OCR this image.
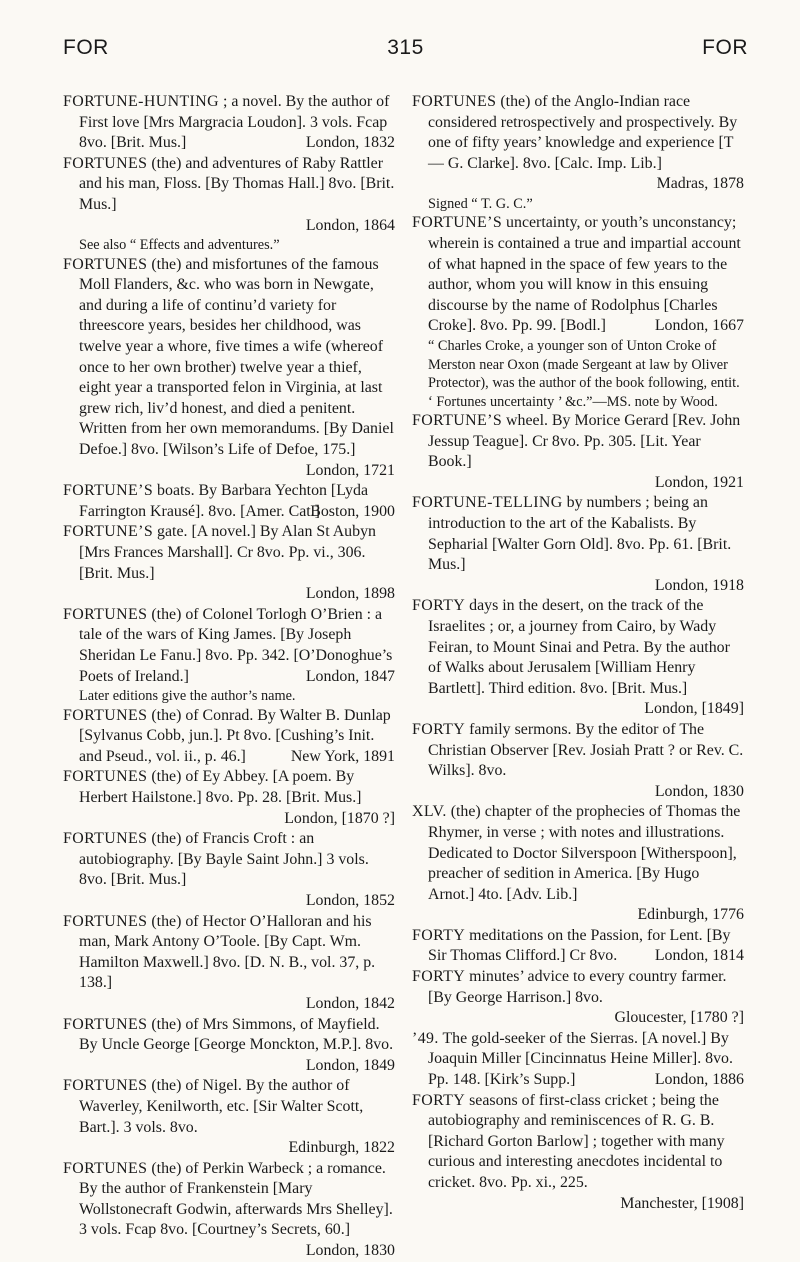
FOR	315	FOR
FORTUNE-HUNTING ; a novel. By the author of First love [Mrs Margracia Loudon]. 3 vols. Fcap 8vo. [Brit. Mus.]	London, 1832
FORTUNES (the) and adventures of Raby Rattler and his man, Floss. [By Thomas Hall.] 8vo. [Brit. Mus.]
London, 1864
See also “ Effects and adventures.”
FORTUNES (the) and misfortunes of the famous Moll Flanders, &c. who was born in Newgate, and during a life of continu’d variety for threescore years, besides her childhood, was twelve year a whore, five times a wife (whereof once to her own brother) twelve year a thief, eight year a transported felon in Virginia, at last grew rich, liv’d honest, and died a penitent. Written from her own memorandums. [By Daniel Defoe.] 8vo. [Wilson’s Life of Defoe, 175.]
London, 1721
FORTUNE’S boats. By Barbara Yechton [Lyda Farrington Krausé]. 8vo. [Amer. Cat.]
Boston, 1900
FORTUNE’S gate. [A novel.] By Alan St Aubyn [Mrs Frances Marshall]. Cr 8vo. Pp. vi., 306. [Brit. Mus.]
London, 1898
FORTUNES (the) of Colonel Torlogh O’Brien : a tale of the wars of King James. [By Joseph Sheridan Le Fanu.] 8vo. Pp. 342. [O’Donoghue’s Poets of Ireland.]	London, 1847
Later editions give the author’s name.
FORTUNES (the) of Conrad. By Walter B. Dunlap [Sylvanus Cobb, jun.]. Pt 8vo. [Cushing’s Init. and Pseud., vol. ii., p. 46.]	New York, 1891
FORTUNES (the) of Ey Abbey. [A poem. By Herbert Hailstone.] 8vo. Pp. 28. [Brit. Mus.]
London, [1870 ?]
FORTUNES (the) of Francis Croft : an autobiography. [By Bayle Saint John.] 3 vols. 8vo. [Brit. Mus.]
London, 1852
FORTUNES (the) of Hector O’Halloran and his man, Mark Antony O’Toole. [By Capt. Wm. Hamilton Maxwell.] 8vo. [D. N. B., vol. 37, p. 138.]
London, 1842
FORTUNES (the) of Mrs Simmons, of Mayfield. By Uncle George [George Monckton, M.P.]. 8vo.
London, 1849
FORTUNES (the) of Nigel. By the author of Waverley, Kenilworth, etc. [Sir Walter Scott, Bart.]. 3 vols. 8vo.
Edinburgh, 1822
FORTUNES (the) of Perkin Warbeck ; a romance. By the author of Frankenstein [Mary Wollstonecraft Godwin, afterwards Mrs Shelley]. 3 vols. Fcap 8vo. [Courtney’s Secrets, 60.]
London, 1830
FORTUNES (the) of the Anglo-Indian race considered retrospectively and prospectively. By one of fifty years’ knowledge and experience [T— G. Clarke]. 8vo. [Calc. Imp. Lib.]
Madras, 1878
Signed “ T. G. C.”
FORTUNE’S uncertainty, or youth’s unconstancy; wherein is contained a true and impartial account of what hapned in the space of few years to the author, whom you will know in this ensuing discourse by the name of Rodolphus [Charles Croke]. 8vo. Pp. 99. [Bodl.]	London, 1667
“ Charles Croke, a younger son of Unton Croke of Merston near Oxon (made Sergeant at law by Oliver Protector), was the author of the book following, entit. ‘ Fortunes uncertainty ’ &c.”—MS. note by Wood.
FORTUNE’S wheel. By Morice Gerard [Rev. John Jessup Teague]. Cr 8vo. Pp. 305. [Lit. Year Book.]
London, 1921
FORTUNE-TELLING by numbers ; being an introduction to the art of the Kabalists. By Sepharial [Walter Gorn Old]. 8vo. Pp. 61. [Brit. Mus.]
London, 1918
FORTY days in the desert, on the track of the Israelites ; or, a journey from Cairo, by Wady Feiran, to Mount Sinai and Petra. By the author of Walks about Jerusalem [William Henry Bartlett]. Third edition. 8vo. [Brit. Mus.]
London, [1849]
FORTY family sermons. By the editor of The Christian Observer [Rev. Josiah Pratt ? or Rev. C. Wilks]. 8vo.
London, 1830
XLV. (the) chapter of the prophecies of Thomas the Rhymer, in verse ; with notes and illustrations. Dedicated to Doctor Silverspoon [Witherspoon], preacher of sedition in America. [By Hugo Arnot.] 4to. [Adv. Lib.]
Edinburgh, 1776
FORTY meditations on the Passion, for Lent. [By Sir Thomas Clifford.] Cr 8vo. London, 1814
FORTY minutes’ advice to every country farmer. [By George Harrison.] 8vo.
Gloucester, [1780 ?]
’49. The gold-seeker of the Sierras. [A novel.] By Joaquin Miller [Cincinnatus Heine Miller]. 8vo. Pp. 148. [Kirk’s Supp.]	London, 1886
FORTY seasons of first-class cricket ; being the autobiography and reminiscences of R. G. B. [Richard Gorton Barlow] ; together with many curious and interesting anecdotes incidental to cricket. 8vo. Pp. xi., 225.
Manchester, [1908]
